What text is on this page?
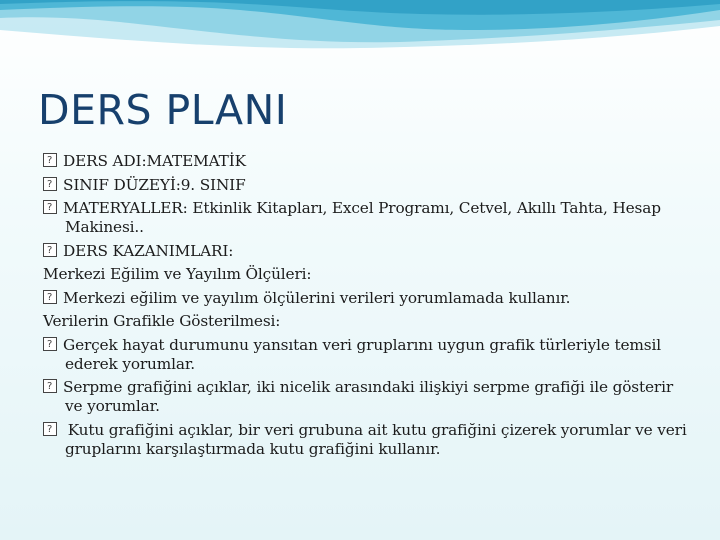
DERS PLANI
?DERS ADI:MATEMATİK
?SINIF DÜZEYİ:9. SINIF
?MATERYALLER: Etkinlik Kitapları, Excel Programı, Cetvel, Akıllı Tahta, Hesap Makinesi..
?DERS KAZANIMLARI:
Merkezi Eğilim ve Yayılım Ölçüleri:
?Merkezi eğilim ve yayılım ölçülerini verileri yorumlamada kullanır.
Verilerin Grafikle Gösterilmesi:
?Gerçek hayat durumunu yansıtan veri gruplarını uygun grafik türleriyle temsil ederek yorumlar.
?Serpme grafiğini açıklar, iki nicelik arasındaki ilişkiyi serpme grafiği ile gösterir ve yorumlar.
? Kutu grafiğini açıklar, bir veri grubuna ait kutu grafiğini çizerek yorumlar ve veri gruplarını karşılaştırmada kutu grafiğini kullanır.
